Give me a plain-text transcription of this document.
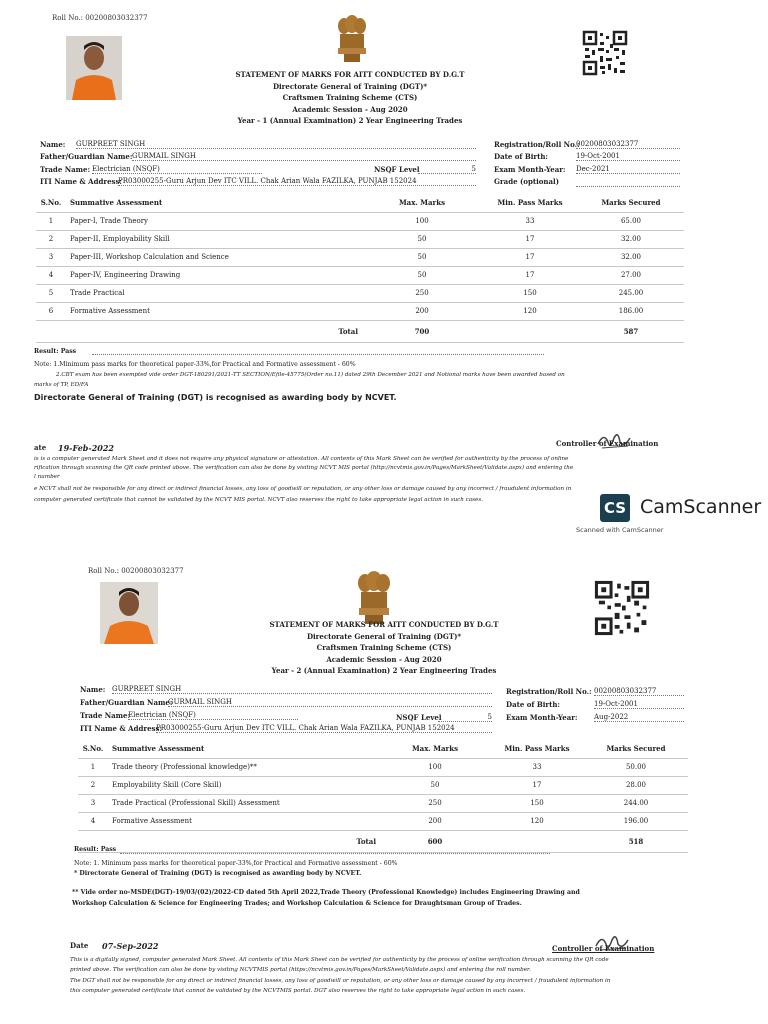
Roll No.: 00200803032377
STATEMENT OF MARKS FOR AITT CONDUCTED BY D.G.T
Directorate General of Training (DGT)*
Craftsmen Training Scheme (CTS)
Academic Session - Aug 2020
Year - 1 (Annual Examination) 2 Year Engineering Trades
Name: GURPREET SINGH
Father/Guardian Name: GURMAIL SINGH
Trade Name: Electrician (NSQF)	NSQF Level	5
ITI Name & Address:
PR03000255-Guru Arjun Dev ITC VILL. Chak Arian Wala FAZILKA, PUNJAB 152024
Registration/Roll No.:
00200803032377
Date of Birth:	19-Oct-2001
Exam Month-Year: Dec-2021
Grade (optional)
S.No.	Summative Assessment	Max. Marks	Min. Pass Marks	Marks Secured
1	Paper-I, Trade Theory	100	33	65.00
2	Paper-II, Employability Skill	50	17	32.00
3	Paper-III, Workshop Calculation and Science	50	17	32.00
4	Paper-IV, Engineering Drawing	50	17	27.00
5	Trade Practical	250	150	245.00
6	Formative Assessment	200	120	186.00
	Total	700		587
Result: Pass
Note: 1.Minimum pass marks for theoretical paper-33%,for Practical and Formative assessment - 60%
2.CBT exam has been exempted vide order DGT-180291/2021-TT SECTION/Efile-45775(Order no.11) dated 29th December 2021 and Notional marks have been awarded based on
marks of TP, ED/FA
Directorate General of Training (DGT) is recognised as awarding body by NCVET.
ate 19-Feb-2022	Controller of Examination
is is a computer generated Mark Sheet and it does not require any physical signature or attestation. All contents of this Mark Sheet can be verified for authenticity by the process of online
rification through scanning the QR code printed above. The verification can also be done by visiting NCVT MIS portal (http://ncvtmis.gov.in/Pages/MarkSheet/Validate.aspx) and entering the
l number
e NCVT shall not be responsible for any direct or indirect financial losses, any loss of goodwill or reputation, or any other loss or damage caused by any incorrect / fraudulent information in
computer generated certificate that cannot be validated by the NCVT MIS portal. NCVT also reserves the right to take appropriate legal action in such cases.	CS CamScanner
Scanned with CamScanner
Roll No.: 00200803032377
STATEMENT OF MARKS FOR AITT CONDUCTED BY D.G.T
Directorate General of Training (DGT)*
Craftsmen Training Scheme (CTS)
Academic Session - Aug 2020
Year - 2 (Annual Examination) 2 Year Engineering Trades
Name: GURPREET SINGH
Father/Guardian Name:
GURMAIL SINGH
Trade Name:
Electrician (NSQF)	NSQF Level	5
ITI Name & Address:
PR03000255-Guru Arjun Dev ITC VILL. Chak Arian Wala FAZILKA, PUNJAB 152024
Registration/Roll No.: 00200803032377
Date of Birth:	19-Oct-2001
Exam Month-Year: Aug-2022
S.No.	Summative Assessment	Max. Marks	Min. Pass Marks	Marks Secured
1	Trade theory (Professional knowledge)**	100	33	50.00
2	Employability Skill (Core Skill)	50	17	28.00
3	Trade Practical (Professional Skill) Assessment	250	150	244.00
4	Formative Assessment	200	120	196.00
	Total	600		518
Result: Pass
Note: 1. Minimum pass marks for theoretical paper-33%,for Practical and Formative assessment - 60%
* Directorate General of Training (DGT) is recognised as awarding body by NCVET.
** Vide order no-MSDE(DGT)-19/03/(02)/2022-CD dated 5th April 2022,Trade Theory (Professional Knowledge) includes Engineering Drawing and
Workshop Calculation & Science for Engineering Trades; and Workshop Calculation & Science for Draughtsman Group of Trades.
Date 07-Sep-2022	Controller of Examination
This is a digitally signed, computer generated Mark Sheet. All contents of this Mark Sheet can be verified for authenticity by the process of online verification through scanning the QR code
printed above. The verification can also be done by visiting NCVTMIS portal (https://ncvtmis.gov.in/Pages/MarkSheet/Validate.aspx) and entering the roll number.
The DGT shall not be responsible for any direct or indirect financial losses, any loss of goodwill or reputation, or any other loss or damage caused by any incorrect / fraudulent information in
this computer generated certificate that cannot be validated by the NCVTMIS portal. DGT also reserves the right to take appropriate legal action in such cases.
